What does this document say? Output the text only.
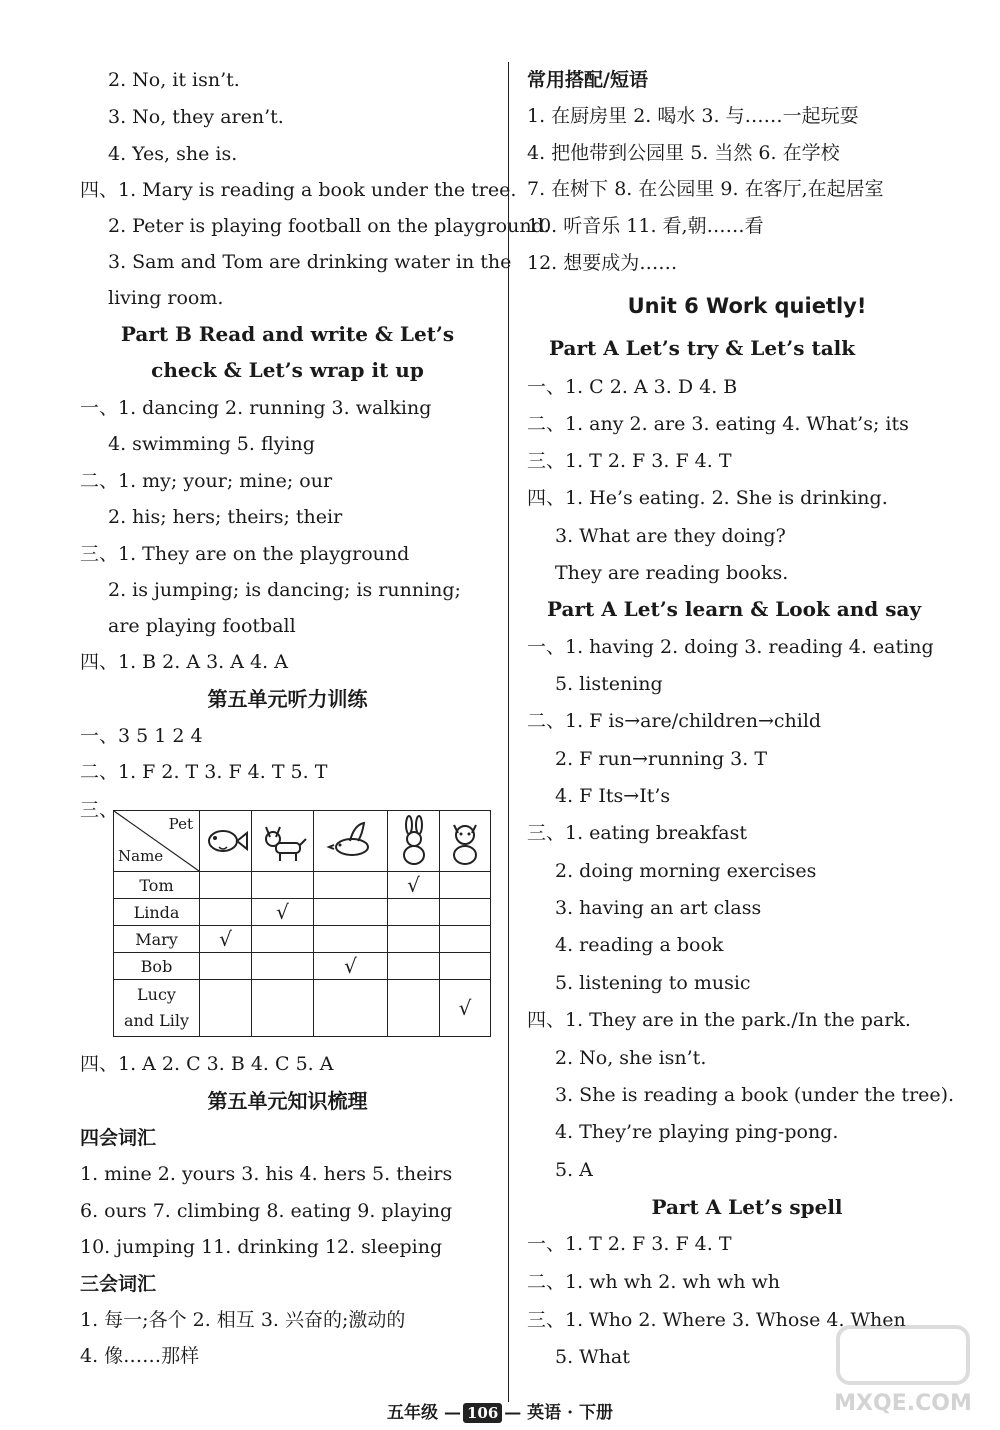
2. No, it isn’t.
3. No, they aren’t.
4. Yes, she is.
四、1. Mary is reading a book under the tree.
2. Peter is playing football on the playground.
3. Sam and Tom are drinking water in the
living room.
Part B Read and write & Let’s
check & Let’s wrap it up
一、1. dancing 2. running 3. walking
4. swimming 5. flying
二、1. my; your; mine; our
2. his; hers; theirs; their
三、1. They are on the playground
2. is jumping; is dancing; is running;
are playing football
四、1. B 2. A 3. A 4. A
第五单元听力训练
一、3 5 1 2 4
二、1. F 2. T 3. F 4. T 5. T
三、
Pet
Name

Tom				√	
Linda		√			
Mary	√				
Bob			√		
Lucy and Lily					√
四、1. A 2. C 3. B 4. C 5. A
第五单元知识梳理
四会词汇
1. mine 2. yours 3. his 4. hers 5. theirs
6. ours 7. climbing 8. eating 9. playing
10. jumping 11. drinking 12. sleeping
三会词汇
1. 每一;各个 2. 相互 3. 兴奋的;激动的
4. 像……那样
常用搭配/短语
1. 在厨房里 2. 喝水 3. 与……一起玩耍
4. 把他带到公园里 5. 当然 6. 在学校
7. 在树下 8. 在公园里 9. 在客厅,在起居室
10. 听音乐 11. 看,朝……看
12. 想要成为……
Unit 6 Work quietly!
Part A Let’s try & Let’s talk
一、1. C 2. A 3. D 4. B
二、1. any 2. are 3. eating 4. What’s; its
三、1. T 2. F 3. F 4. T
四、1. He’s eating. 2. She is drinking.
3. What are they doing?
They are reading books.
Part A Let’s learn & Look and say
一、1. having 2. doing 3. reading 4. eating
5. listening
二、1. F is→are/children→child
2. F run→running 3. T
4. F Its→It’s
三、1. eating breakfast
2. doing morning exercises
3. having an art class
4. reading a book
5. listening to music
四、1. They are in the park./In the park.
2. No, she isn’t.
3. She is reading a book (under the tree).
4. They’re playing ping-pong.
5. A
Part A Let’s spell
一、1. T 2. F 3. F 4. T
二、1. wh wh 2. wh wh wh
三、1. Who 2. Where 3. Whose 4. When
5. What
五年级 — 106 — 英语 · 下册	MXQE.COM
